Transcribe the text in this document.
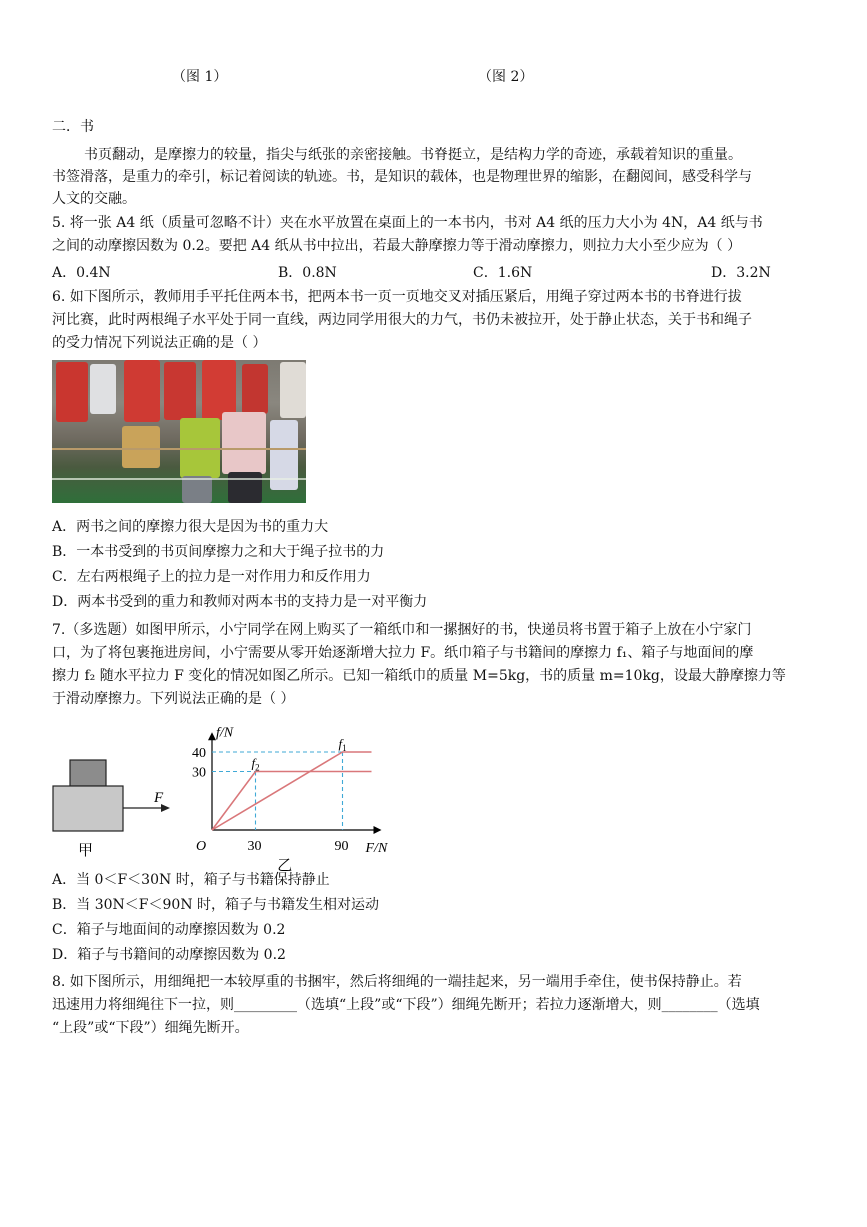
（图 1）	（图 2）
二．书
书页翻动，是摩擦力的较量，指尖与纸张的亲密接触。书脊挺立，是结构力学的奇迹，承载着知识的重量。
书签滑落，是重力的牵引，标记着阅读的轨迹。书，是知识的载体，也是物理世界的缩影，在翻阅间，感受科学与
人文的交融。
5. 将一张 A4 纸（质量可忽略不计）夹在水平放置在桌面上的一本书内，书对 A4 纸的压力大小为 4N，A4 纸与书
之间的动摩擦因数为 0.2。要把 A4 纸从书中拉出，若最大静摩擦力等于滑动摩擦力，则拉力大小至少应为（ ）
A．0.4N	B．0.8N	C．1.6N	D．3.2N
6. 如下图所示，教师用手平托住两本书，把两本书一页一页地交叉对插压紧后，用绳子穿过两本书的书脊进行拔
河比赛，此时两根绳子水平处于同一直线，两边同学用很大的力气，书仍未被拉开，处于静止状态，关于书和绳子
的受力情况下列说法正确的是（ ）
A．两书之间的摩擦力很大是因为书的重力大
B．一本书受到的书页间摩擦力之和大于绳子拉书的力
C．左右两根绳子上的拉力是一对作用力和反作用力
D．两本书受到的重力和教师对两本书的支持力是一对平衡力
7.（多选题）如图甲所示，小宁同学在网上购买了一箱纸巾和一摞捆好的书，快递员将书置于箱子上放在小宁家门
口，为了将包裹拖进房间，小宁需要从零开始逐渐增大拉力 F。纸巾箱子与书籍间的摩擦力 f₁、箱子与地面间的摩
擦力 f₂ 随水平拉力 F 变化的情况如图乙所示。已知一箱纸巾的质量 M=5kg，书的质量 m=10kg，设最大静摩擦力等
于滑动摩擦力。下列说法正确的是（ ）
F
甲
f/N
F/N
O
40
30
30	90
$f_1$
$f_2$
乙
A．当 0＜F＜30N 时，箱子与书籍保持静止
B．当 30N＜F＜90N 时，箱子与书籍发生相对运动
C．箱子与地面间的动摩擦因数为 0.2
D．箱子与书籍间的动摩擦因数为 0.2
8. 如下图所示，用细绳把一本较厚重的书捆牢，然后将细绳的一端挂起来，另一端用手牵住，使书保持静止。若
迅速用力将细绳往下一拉，则_________（选填“上段”或“下段”）细绳先断开；若拉力逐渐增大，则________（选填
“上段”或“下段”）细绳先断开。
